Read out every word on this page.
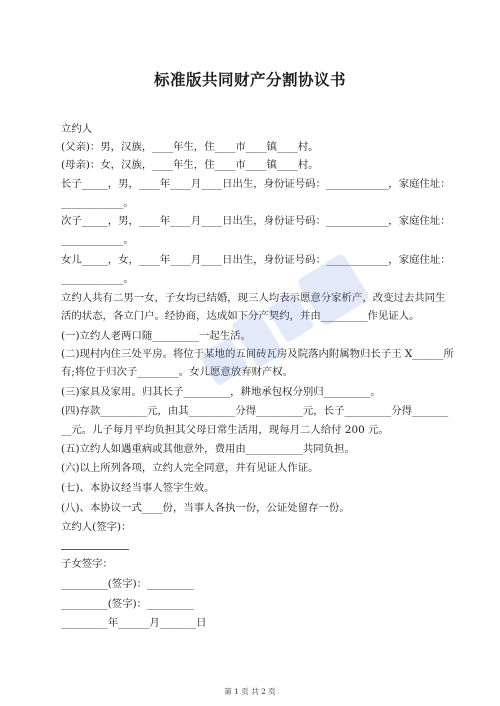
标准版共同财产分割协议书
立约人
(父亲)：男，汉族，____年生，住____市____镇____村。
(母亲)：女，汉族，____年生，住____市____镇____村。
长子_____，男，____年____月____日出生，身份证号码：____________，家庭住址：
____________。
次子_____，男，____年____月____日出生，身份证号码：____________，家庭住址：
____________。
女儿_____，女，____年____月____日出生，身份证号码：____________，家庭住址：
____________。
立约人共有二男一女，子女均已结婚，现三人均表示愿意分家析产，改变过去共同生
活的状态，各立门户。经协商，达成如下分产契约，并由_________作见证人。
(一)立约人老两口随_________一起生活。
(二)现村内住三处平房。将位于某地的五间砖瓦房及院落内附属物归长子王 X______所
有;将位于归次子________。女儿愿意放弃财产权。
(三)家具及家用。归其长子_________，耕地承包权分别归_________。
(四)存款_________元，由其_________分得_________元，长子_________分得_______
__元。儿子每月平均负担其父母日常生活用，现每月二人给付 200 元。
(五)立约人如遇重病或其他意外，费用由___________共同负担。
(六)以上所列各项，立约人完全同意，并有见证人作证。
(七)、本协议经当事人签字生效。
(八)、本协议一式____份，当事人各执一份，公证处留存一份。
立约人(签字)：
子女签字：
_________(签字)：_________
_________(签字)：_________
_________年______月_______日
第 1 页 共 2 页
